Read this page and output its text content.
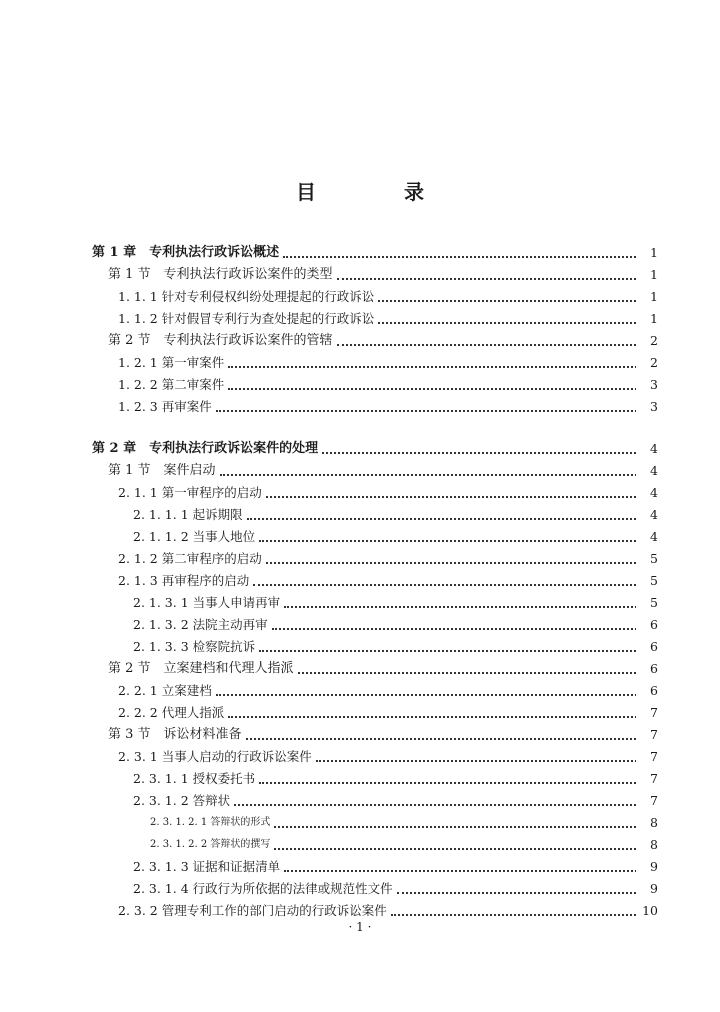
目　录
第 1 章　专利执法行政诉讼概述	1
第 1 节　专利执法行政诉讼案件的类型	1
1. 1. 1 针对专利侵权纠纷处理提起的行政诉讼	1
1. 1. 2 针对假冒专利行为查处提起的行政诉讼	1
第 2 节　专利执法行政诉讼案件的管辖	2
1. 2. 1 第一审案件	2
1. 2. 2 第二审案件	3
1. 2. 3 再审案件	3
第 2 章　专利执法行政诉讼案件的处理	4
第 1 节　案件启动	4
2. 1. 1 第一审程序的启动	4
2. 1. 1. 1 起诉期限	4
2. 1. 1. 2 当事人地位	4
2. 1. 2 第二审程序的启动	5
2. 1. 3 再审程序的启动	5
2. 1. 3. 1 当事人申请再审	5
2. 1. 3. 2 法院主动再审	6
2. 1. 3. 3 检察院抗诉	6
第 2 节　立案建档和代理人指派	6
2. 2. 1 立案建档	6
2. 2. 2 代理人指派	7
第 3 节　诉讼材料准备	7
2. 3. 1 当事人启动的行政诉讼案件	7
2. 3. 1. 1 授权委托书	7
2. 3. 1. 2 答辩状	7
2. 3. 1. 2. 1 答辩状的形式	8
2. 3. 1. 2. 2 答辩状的撰写	8
2. 3. 1. 3 证据和证据清单	9
2. 3. 1. 4 行政行为所依据的法律或规范性文件	9
2. 3. 2 管理专利工作的部门启动的行政诉讼案件	10
· 1 ·
